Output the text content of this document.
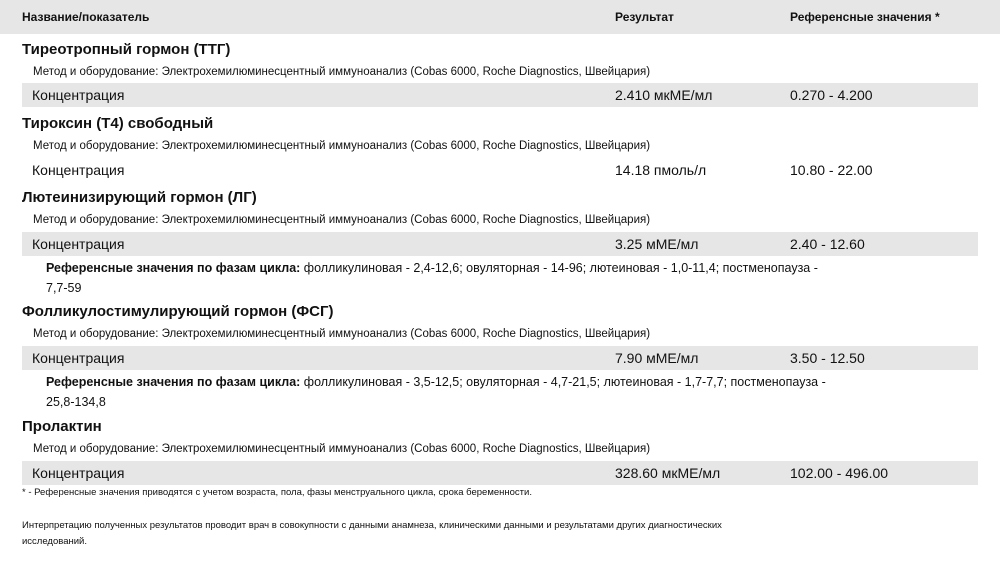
Название/показатель	Результат	Референсные значения *
Тиреотропный гормон (ТТГ)
Метод и оборудование: Электрохемилюминесцентный иммуноанализ (Cobas 6000, Roche Diagnostics, Швейцария)
Концентрация	2.410 мкМЕ/мл	0.270 - 4.200
Тироксин (Т4) свободный
Метод и оборудование: Электрохемилюминесцентный иммуноанализ (Cobas 6000, Roche Diagnostics, Швейцария)
Концентрация	14.18 пмоль/л	10.80 - 22.00
Лютеинизирующий гормон (ЛГ)
Метод и оборудование: Электрохемилюминесцентный иммуноанализ (Cobas 6000, Roche Diagnostics, Швейцария)
Концентрация	3.25 мМЕ/мл	2.40 - 12.60
Референсные значения по фазам цикла: фолликулиновая - 2,4-12,6; овуляторная - 14-96; лютеиновая - 1,0-11,4; постменопауза - 7,7-59
Фолликулостимулирующий гормон (ФСГ)
Метод и оборудование: Электрохемилюминесцентный иммуноанализ (Cobas 6000, Roche Diagnostics, Швейцария)
Концентрация	7.90 мМЕ/мл	3.50 - 12.50
Референсные значения по фазам цикла: фолликулиновая - 3,5-12,5; овуляторная - 4,7-21,5; лютеиновая - 1,7-7,7; постменопауза - 25,8-134,8
Пролактин
Метод и оборудование: Электрохемилюминесцентный иммуноанализ (Cobas 6000, Roche Diagnostics, Швейцария)
Концентрация	328.60 мкМЕ/мл	102.00 - 496.00
* - Референсные значения приводятся с учетом возраста, пола, фазы менструального цикла, срока беременности.
Интерпретацию полученных результатов проводит врач в совокупности с данными анамнеза, клиническими данными и результатами других диагностических исследований.
